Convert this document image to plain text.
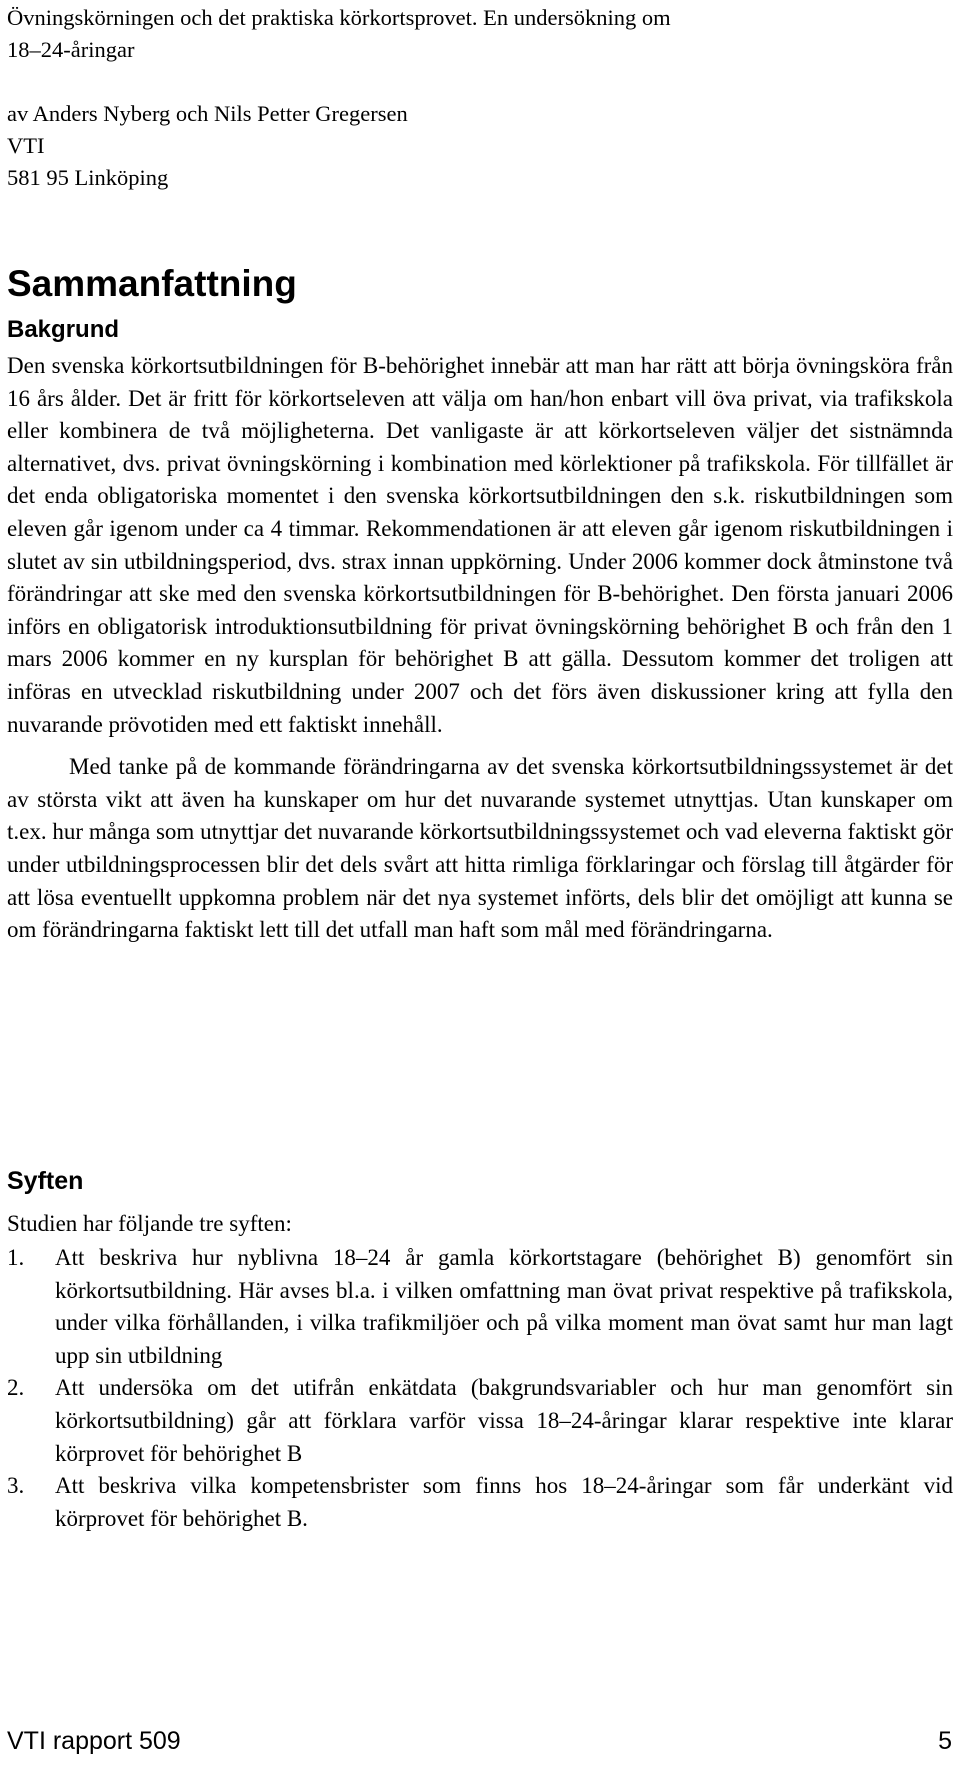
Övningskörningen och det praktiska körkortsprovet. En undersökning om
18–24-åringar
av Anders Nyberg och Nils Petter Gregersen
VTI
581 95 Linköping
Sammanfattning
Bakgrund

Den svenska körkortsutbildningen för B-behörighet innebär att man har rätt att börja övningsköra från 16 års ålder. Det är fritt för körkortseleven att välja om han/hon enbart vill öva privat, via trafikskola eller kombinera de två möjligheterna. Det vanligaste är att körkortseleven väljer det sistnämnda alternativet, dvs. privat övningskörning i kombination med körlektioner på trafikskola. För tillfället är det enda obligatoriska momentet i den svenska körkortsutbildningen den s.k. riskutbildningen som eleven går igenom under ca 4 timmar. Rekommendationen är att eleven går igenom riskutbildningen i slutet av sin utbildningsperiod, dvs. strax innan uppkörning. Under 2006 kommer dock åtminstone två förändringar att ske med den svenska körkortsutbildningen för B-behörighet. Den första januari 2006 införs en obligatorisk introduktionsutbildning för privat övningskörning behörighet B och från den 1 mars 2006 kommer en ny kursplan för behörighet B att gälla. Dessutom kommer det troligen att införas en utvecklad riskutbildning under 2007 och det förs även diskussioner kring att fylla den nuvarande prövotiden med ett faktiskt innehåll.

Med tanke på de kommande förändringarna av det svenska körkortsutbildningssystemet är det av största vikt att även ha kunskaper om hur det nuvarande systemet utnyttjas. Utan kunskaper om t.ex. hur många som utnyttjar det nuvarande körkortsutbildningssystemet och vad eleverna faktiskt gör under utbildningsprocessen blir det dels svårt att hitta rimliga förklaringar och förslag till åtgärder för att lösa eventuellt uppkomna problem när det nya systemet införts, dels blir det omöjligt att kunna se om förändringarna faktiskt lett till det utfall man haft som mål med förändringarna.

Syften
Studien har följande tre syften:
1. Att beskriva hur nyblivna 18–24 år gamla körkortstagare (behörighet B) genomfört sin körkortsutbildning. Här avses bl.a. i vilken omfattning man övat privat respektive på trafikskola, under vilka förhållanden, i vilka trafikmiljöer och på vilka moment man övat samt hur man lagt upp sin utbildning
2. Att undersöka om det utifrån enkätdata (bakgrundsvariabler och hur man genomfört sin körkortsutbildning) går att förklara varför vissa 18–24-åringar klarar respektive inte klarar körprovet för behörighet B
3. Att beskriva vilka kompetensbrister som finns hos 18–24-åringar som får underkänt vid körprovet för behörighet B.
VTI rapport 509	5
